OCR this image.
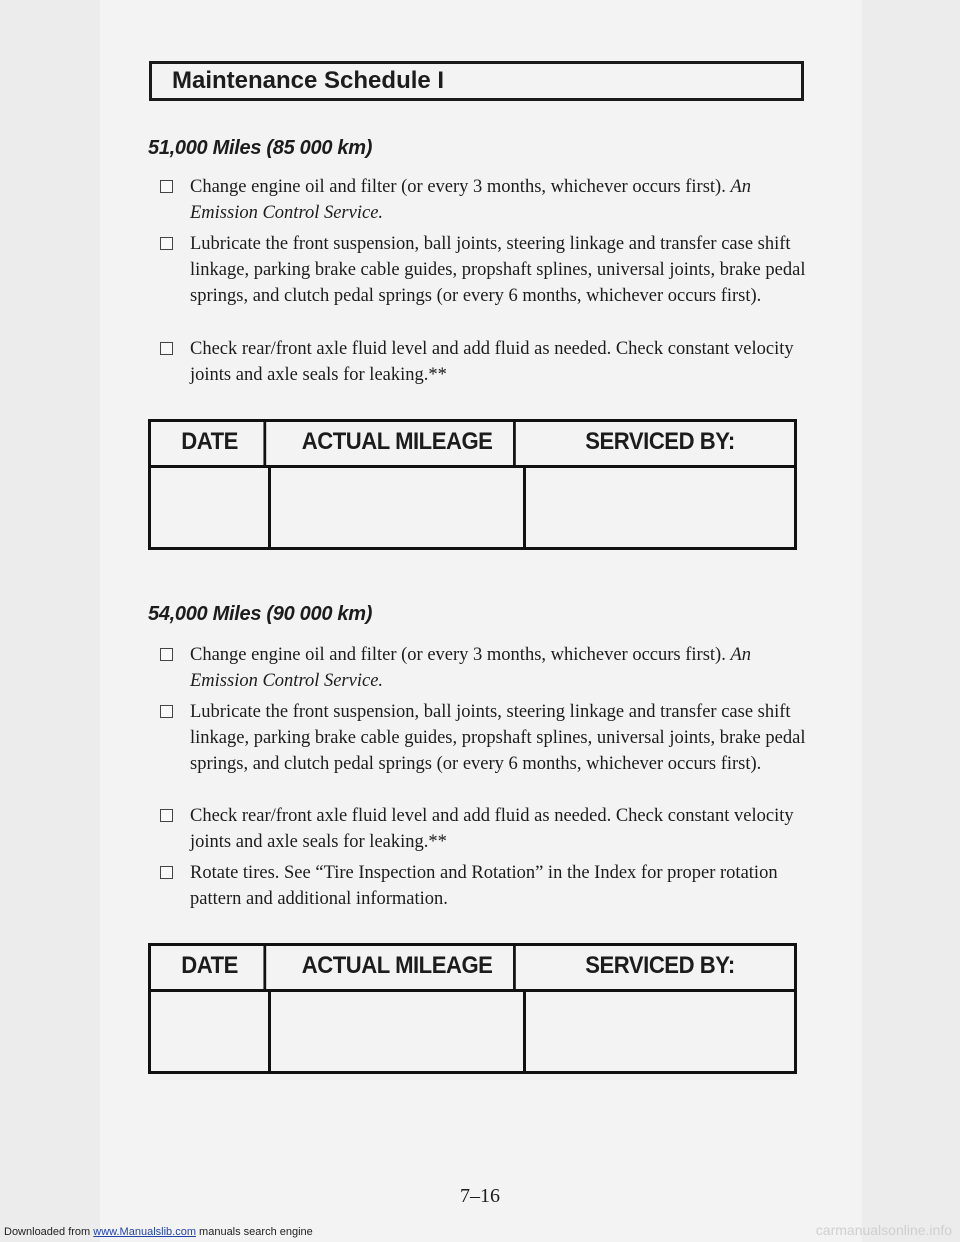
Maintenance Schedule I
51,000 Miles (85 000 km)
Change engine oil and filter (or every 3 months, whichever occurs first). An Emission Control Service.
Lubricate the front suspension, ball joints, steering linkage and transfer case shift linkage, parking brake cable guides, propshaft splines, universal joints, brake pedal springs, and clutch pedal springs (or every 6 months, whichever occurs first).
Check rear/front axle fluid level and add fluid as needed. Check constant velocity joints and axle seals for leaking.**
DATE	ACTUAL MILEAGE	SERVICED BY:
54,000 Miles (90 000 km)
Change engine oil and filter (or every 3 months, whichever occurs first). An Emission Control Service.
Lubricate the front suspension, ball joints, steering linkage and transfer case shift linkage, parking brake cable guides, propshaft splines, universal joints, brake pedal springs, and clutch pedal springs (or every 6 months, whichever occurs first).
Check rear/front axle fluid level and add fluid as needed. Check constant velocity joints and axle seals for leaking.**
Rotate tires. See “Tire Inspection and Rotation” in the Index for proper rotation pattern and additional information.
DATE	ACTUAL MILEAGE	SERVICED BY:
7–16
Downloaded from www.Manualslib.com manuals search engine	carmanualsonline.info
